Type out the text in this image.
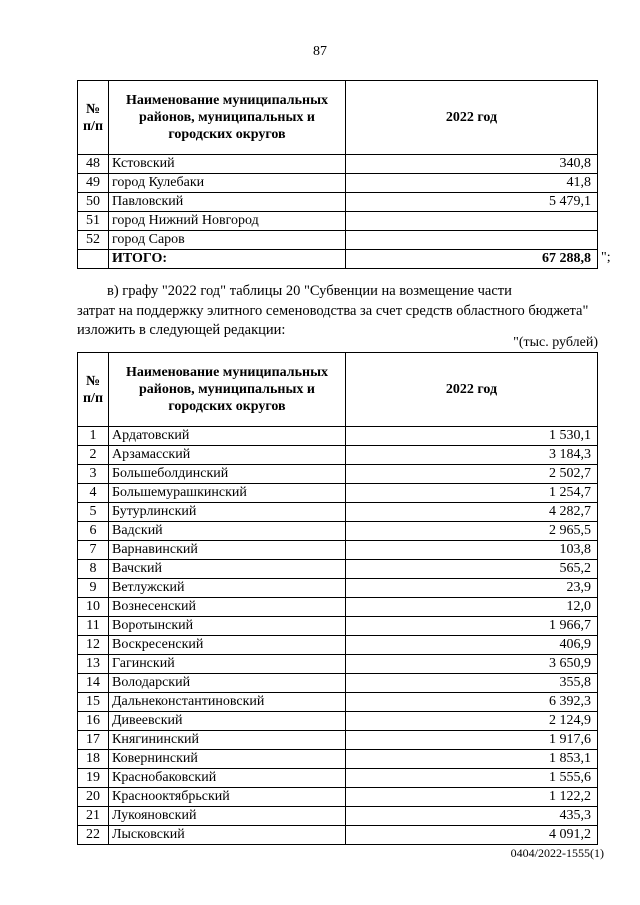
87
№ п/п	Наименование муниципальных районов, муниципальных и городских округов	2022 год
48	Кстовский	340,8
49	город Кулебаки	41,8
50	Павловский	5 479,1
51	город Нижний Новгород	
52	город Саров	
	ИТОГО:	67 288,8 ";
в) графу "2022 год" таблицы 20 "Субвенции на возмещение части
затрат на поддержку элитного семеноводства за счет средств областного бюджета" изложить в следующей редакции:
"(тыс. рублей)
№ п/п	Наименование муниципальных районов, муниципальных и городских округов	2022 год
1	Ардатовский	1 530,1
2	Арзамасский	3 184,3
3	Большеболдинский	2 502,7
4	Большемурашкинский	1 254,7
5	Бутурлинский	4 282,7
6	Вадский	2 965,5
7	Варнавинский	103,8
8	Вачский	565,2
9	Ветлужский	23,9
10	Вознесенский	12,0
11	Воротынский	1 966,7
12	Воскресенский	406,9
13	Гагинский	3 650,9
14	Володарский	355,8
15	Дальнеконстантиновский	6 392,3
16	Дивеевский	2 124,9
17	Княгининский	1 917,6
18	Ковернинский	1 853,1
19	Краснобаковский	1 555,6
20	Краснооктябрьский	1 122,2
21	Лукояновский	435,3
22	Лысковский	4 091,2
0404/2022-1555(1)
